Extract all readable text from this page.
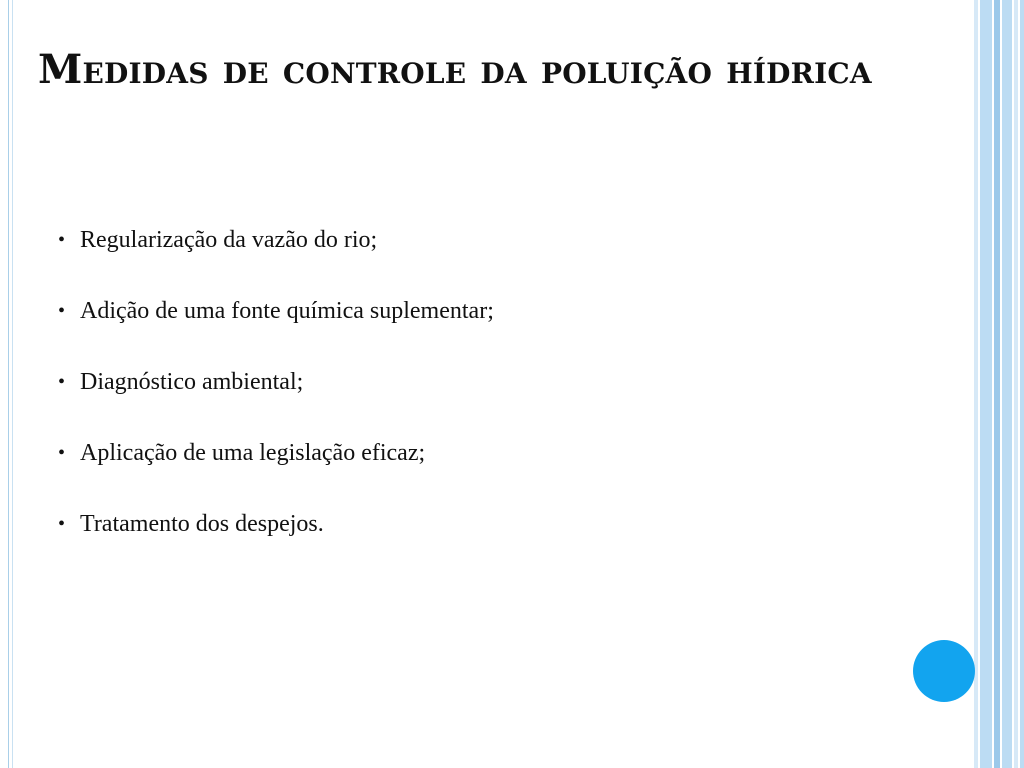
Medidas de controle da poluição hídrica
• Regularização da vazão do rio;
• Adição de uma fonte química suplementar;
• Diagnóstico ambiental;
• Aplicação de uma legislação eficaz;
• Tratamento dos despejos.
